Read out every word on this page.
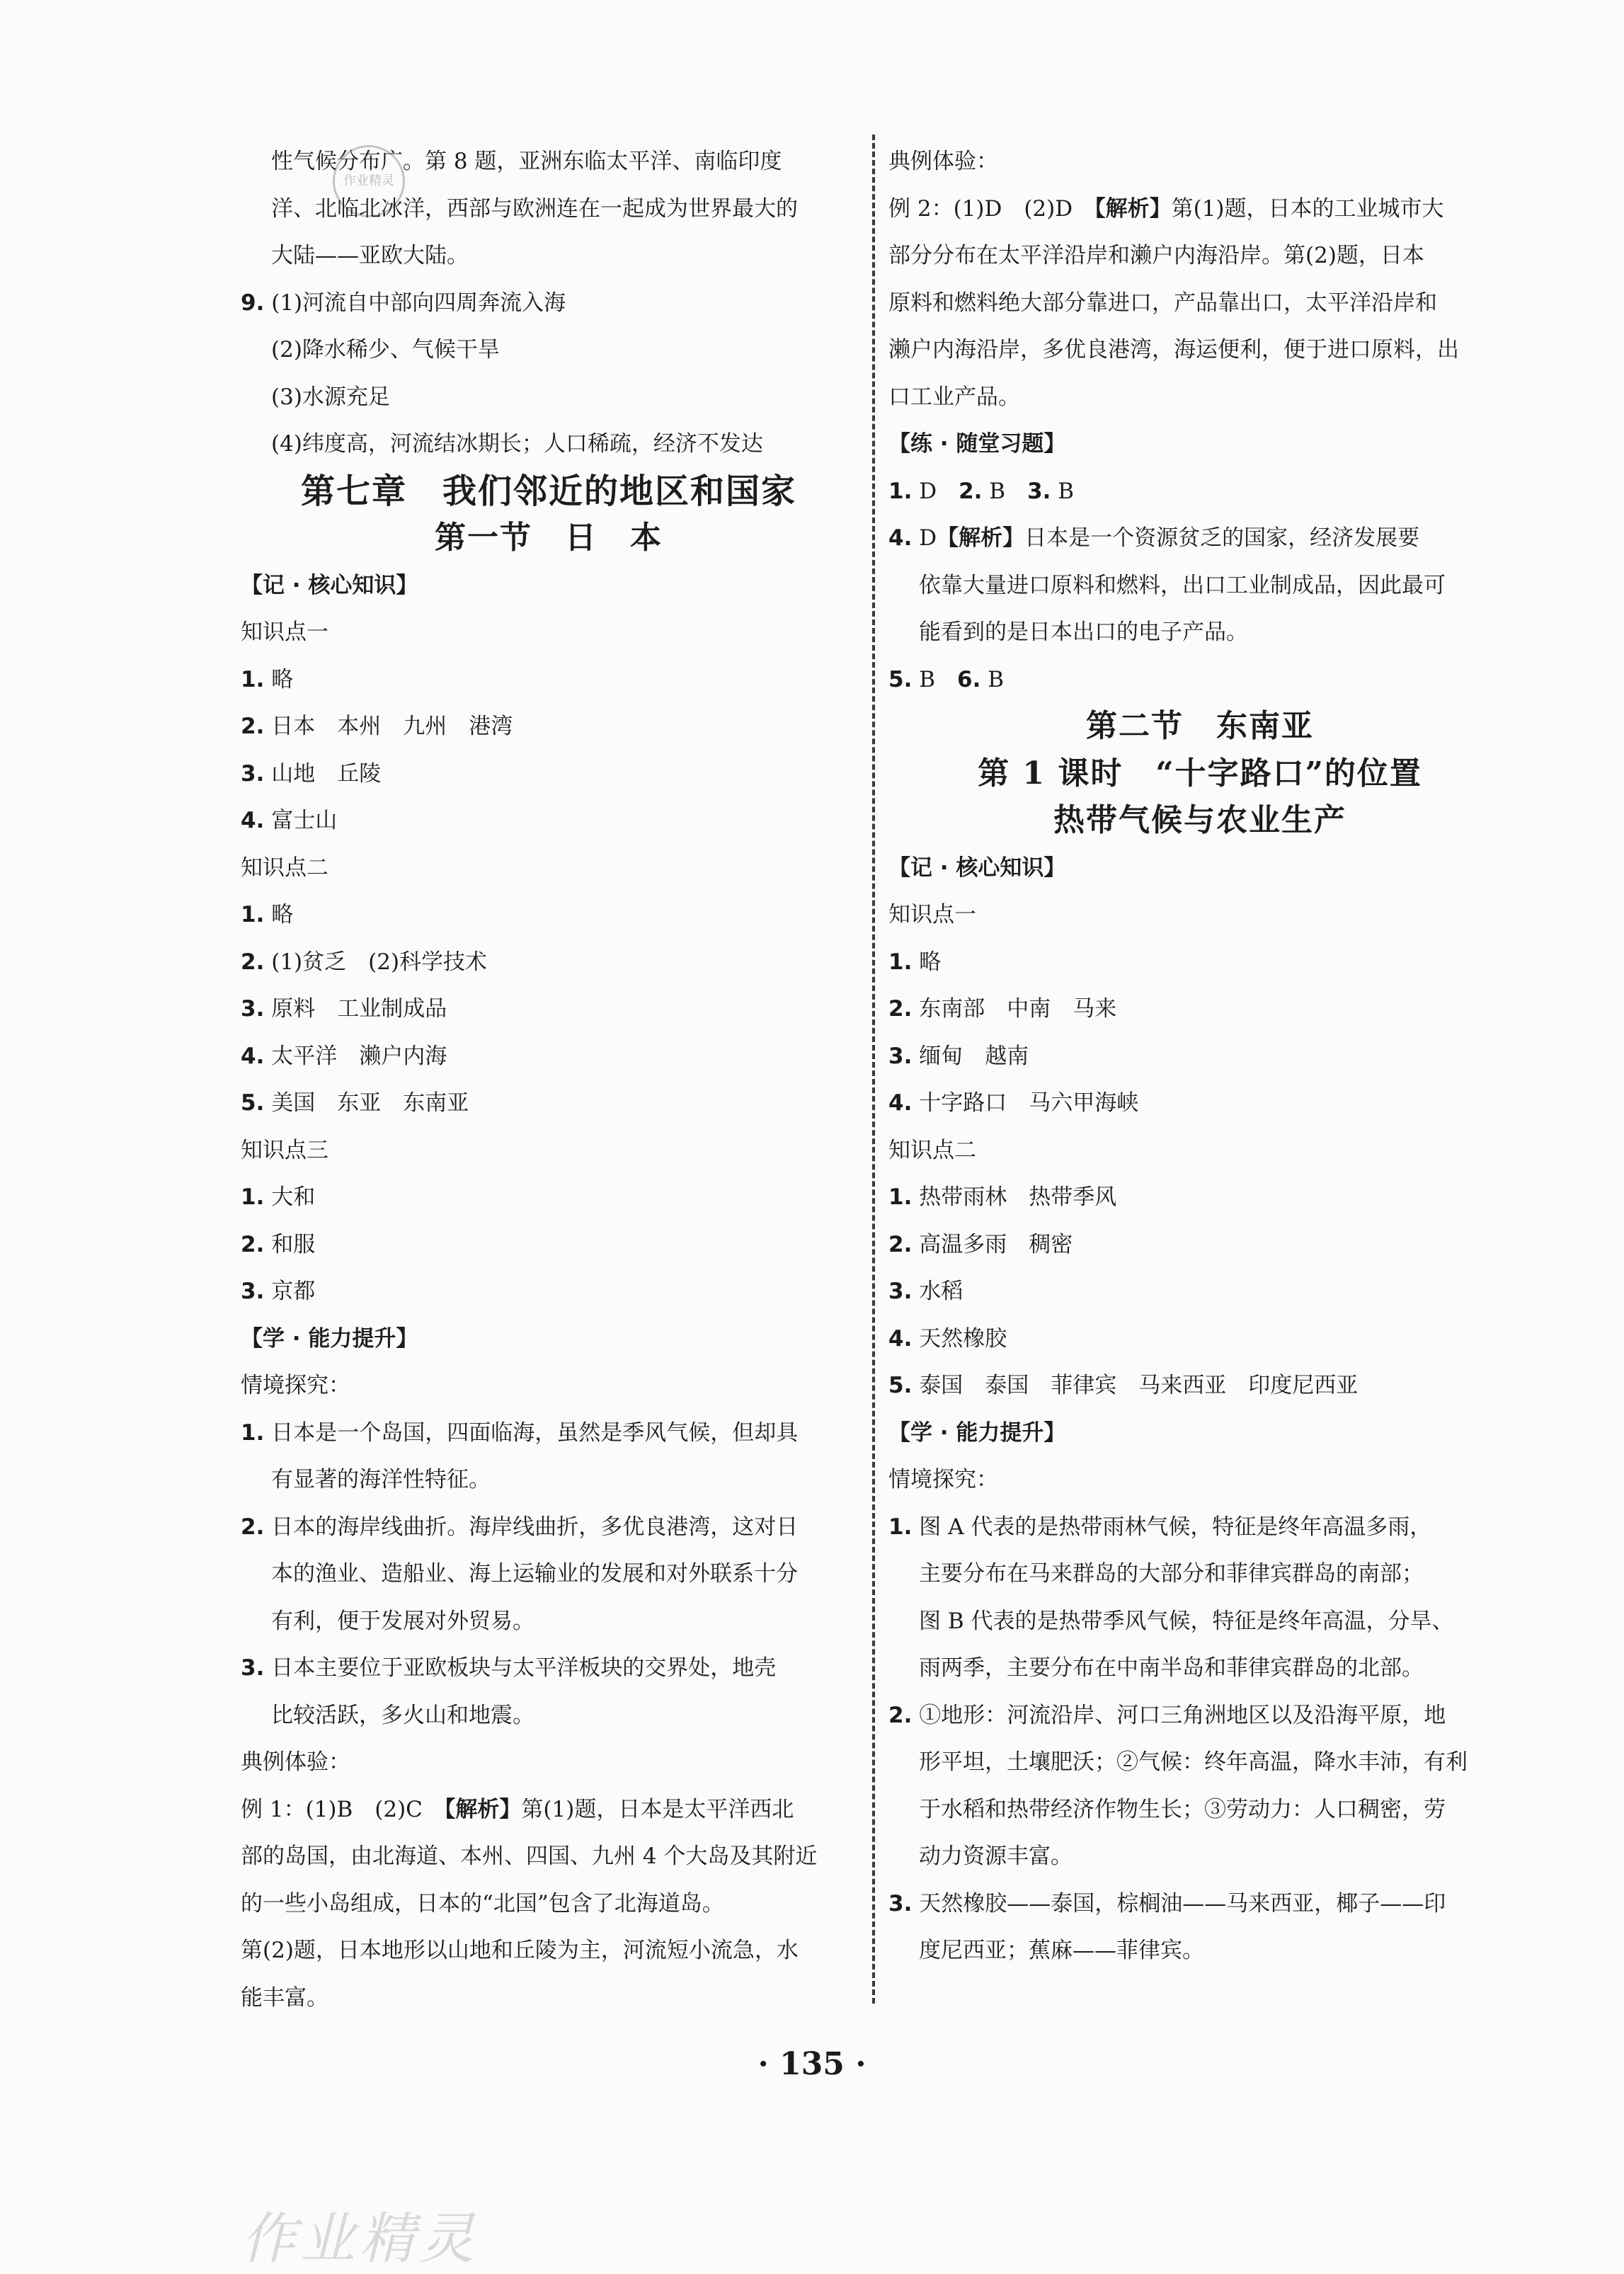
作业精灵
性气候分布广。第 8 题，亚洲东临太平洋、南临印度
洋、北临北冰洋，西部与欧洲连在一起成为世界最大的
大陆——亚欧大陆。
9. (1)河流自中部向四周奔流入海
(2)降水稀少、气候干旱
(3)水源充足
(4)纬度高，河流结冰期长；人口稀疏，经济不发达
第七章　我们邻近的地区和国家
第一节　日　本
【记 · 核心知识】
知识点一
1. 略
2. 日本　本州　九州　港湾
3. 山地　丘陵
4. 富士山
知识点二
1. 略
2. (1)贫乏　(2)科学技术
3. 原料　工业制成品
4. 太平洋　濑户内海
5. 美国　东亚　东南亚
知识点三
1. 大和
2. 和服
3. 京都
【学 · 能力提升】
情境探究：
1. 日本是一个岛国，四面临海，虽然是季风气候，但却具
有显著的海洋性特征。
2. 日本的海岸线曲折。海岸线曲折，多优良港湾，这对日
本的渔业、造船业、海上运输业的发展和对外联系十分
有利，便于发展对外贸易。
3. 日本主要位于亚欧板块与太平洋板块的交界处，地壳
比较活跃，多火山和地震。
典例体验：
例 1：(1)B　(2)C　【解析】第(1)题，日本是太平洋西北
部的岛国，由北海道、本州、四国、九州 4 个大岛及其附近
的一些小岛组成，日本的“北国”包含了北海道岛。
第(2)题，日本地形以山地和丘陵为主，河流短小流急，水
能丰富。
典例体验：
例 2：(1)D　(2)D　【解析】第(1)题，日本的工业城市大
部分分布在太平洋沿岸和濑户内海沿岸。第(2)题，日本
原料和燃料绝大部分靠进口，产品靠出口，太平洋沿岸和
濑户内海沿岸，多优良港湾，海运便利，便于进口原料，出
口工业产品。
【练 · 随堂习题】
1. D　 2. B　 3. B
4. D【解析】日本是一个资源贫乏的国家，经济发展要
依靠大量进口原料和燃料，出口工业制成品，因此最可
能看到的是日本出口的电子产品。
5. B　 6. B
第二节　东南亚
第 1 课时　“十字路口”的位置
热带气候与农业生产
【记 · 核心知识】
知识点一
1. 略
2. 东南部　中南　马来
3. 缅甸　越南
4. 十字路口　马六甲海峡
知识点二
1. 热带雨林　热带季风
2. 高温多雨　稠密
3. 水稻
4. 天然橡胶
5. 泰国　泰国　菲律宾　马来西亚　印度尼西亚
【学 · 能力提升】
情境探究：
1. 图 A 代表的是热带雨林气候，特征是终年高温多雨，
主要分布在马来群岛的大部分和菲律宾群岛的南部；
图 B 代表的是热带季风气候，特征是终年高温，分旱、
雨两季，主要分布在中南半岛和菲律宾群岛的北部。
2. ①地形：河流沿岸、河口三角洲地区以及沿海平原，地
形平坦，土壤肥沃；②气候：终年高温，降水丰沛，有利
于水稻和热带经济作物生长；③劳动力：人口稠密，劳
动力资源丰富。
3. 天然橡胶——泰国，棕榈油——马来西亚，椰子——印
度尼西亚；蕉麻——菲律宾。
· 135 ·
作业精灵
